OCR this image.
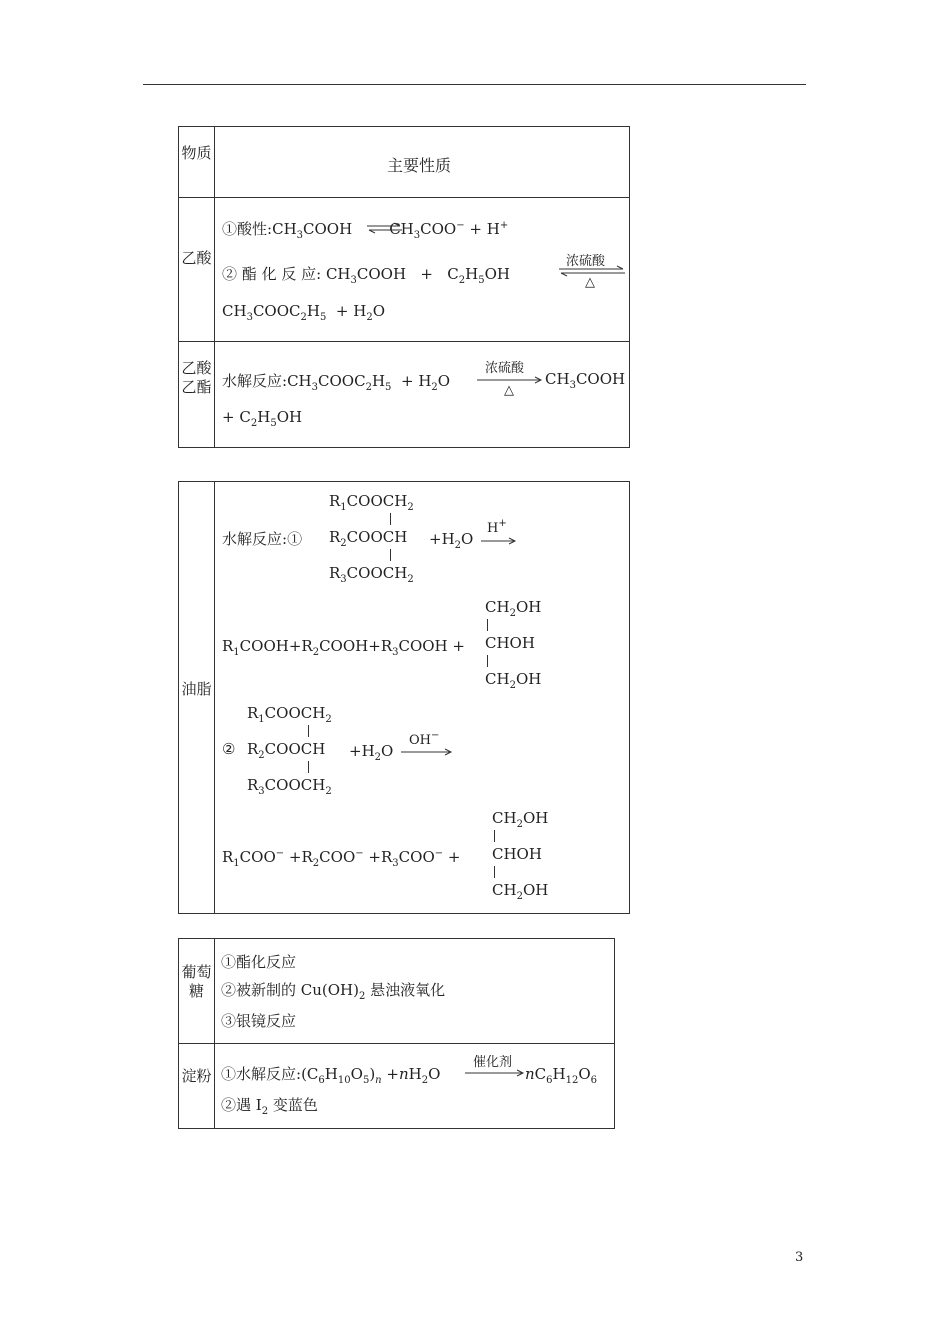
物质
主要性质
乙酸
①酸性$:CH_3COOH$ $CH_3COO^- + H^+$
② 酯 化 反 应: $CH_3COOH + C_2H_5OH$
浓硫酸
△
$CH_3COOC_2H_5 + H_2O$
乙酸乙酯 水解反应$:CH_3COOC_2H_5 + H_2O$
浓硫酸
△
$CH_3COOH$
+ $C_2H_5OH$
油脂
$R_1COOCH_2$
水解反应:① $R_2COOCH$
$R_3COOCH_2$
$+H_2O$
H+
$CH_2OH$
$R_1COOH+R_2COOH+R_3COOH$ + CHOH
$CH_2OH$
$R_1COOCH_2$
② $R_2COOCH$
$R_3COOCH_2$
$+H_2O$
OH−
$CH_2OH$
$R_1COO^- +R_2COO^- +R_3COO^-$ + CHOH
$CH_2OH$
葡萄糖
①酯化反应
②被新制的 $Cu(OH)_2$ 悬浊液氧化
③银镜反应
淀粉 ①水解反应$:(C_6H_{10}O_5)_n +nH_2O$
催化剂
→ $nC_6H_{12}O_6$
②遇 $I_2$ 变蓝色
3
